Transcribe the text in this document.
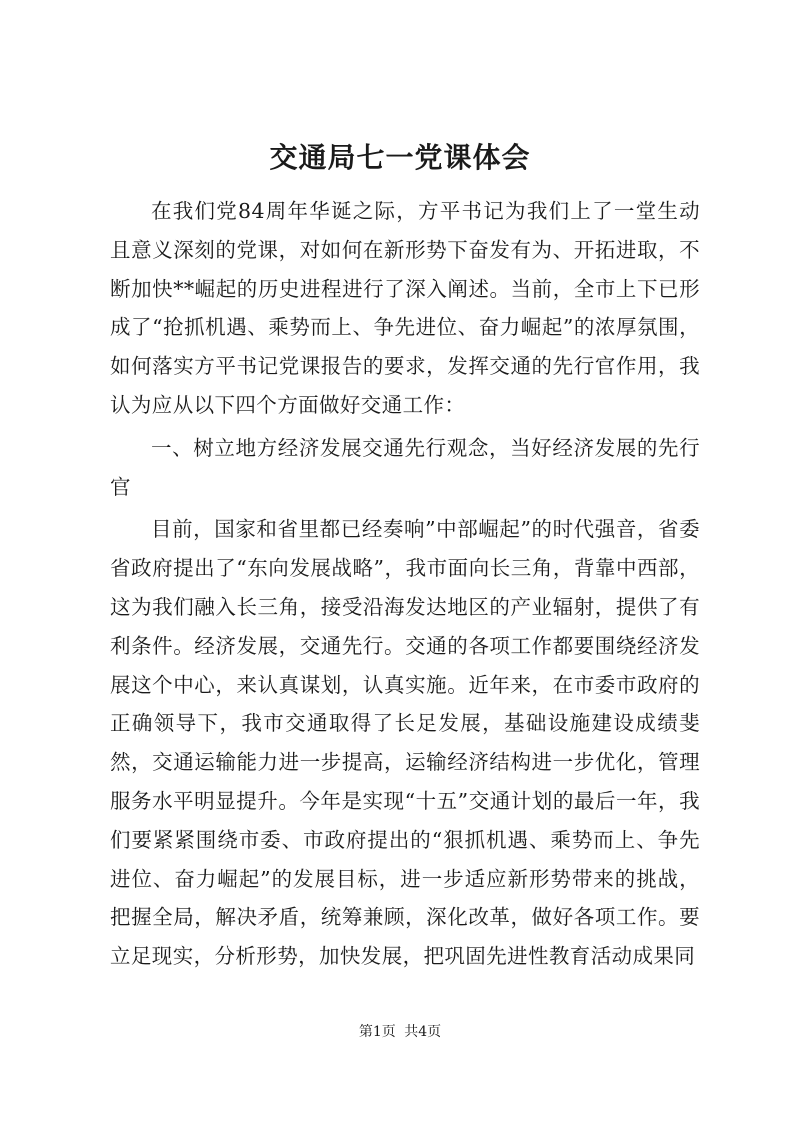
交通局七一党课体会

在我们党84周年华诞之际，方平书记为我们上了一堂生动且意义深刻的党课，对如何在新形势下奋发有为、开拓进取，不断加快**崛起的历史进程进行了深入阐述。当前，全市上下已形成了“抢抓机遇、乘势而上、争先进位、奋力崛起”的浓厚氛围，如何落实方平书记党课报告的要求，发挥交通的先行官作用，我认为应从以下四个方面做好交通工作：

一、树立地方经济发展交通先行观念，当好经济发展的先行官

目前，国家和省里都已经奏响”中部崛起”的时代强音，省委省政府提出了“东向发展战略”，我市面向长三角，背靠中西部，这为我们融入长三角，接受沿海发达地区的产业辐射，提供了有利条件。经济发展，交通先行。交通的各项工作都要围绕经济发展这个中心，来认真谋划，认真实施。近年来，在市委市政府的正确领导下，我市交通取得了长足发展，基础设施建设成绩斐然，交通运输能力进一步提高，运输经济结构进一步优化，管理服务水平明显提升。今年是实现“十五”交通计划的最后一年，我们要紧紧围绕市委、市政府提出的“狠抓机遇、乘势而上、争先进位、奋力崛起”的发展目标，进一步适应新形势带来的挑战，把握全局，解决矛盾，统筹兼顾，深化改革，做好各项工作。要立足现实，分析形势，加快发展，把巩固先进性教育活动成果同

第1页 共4页
